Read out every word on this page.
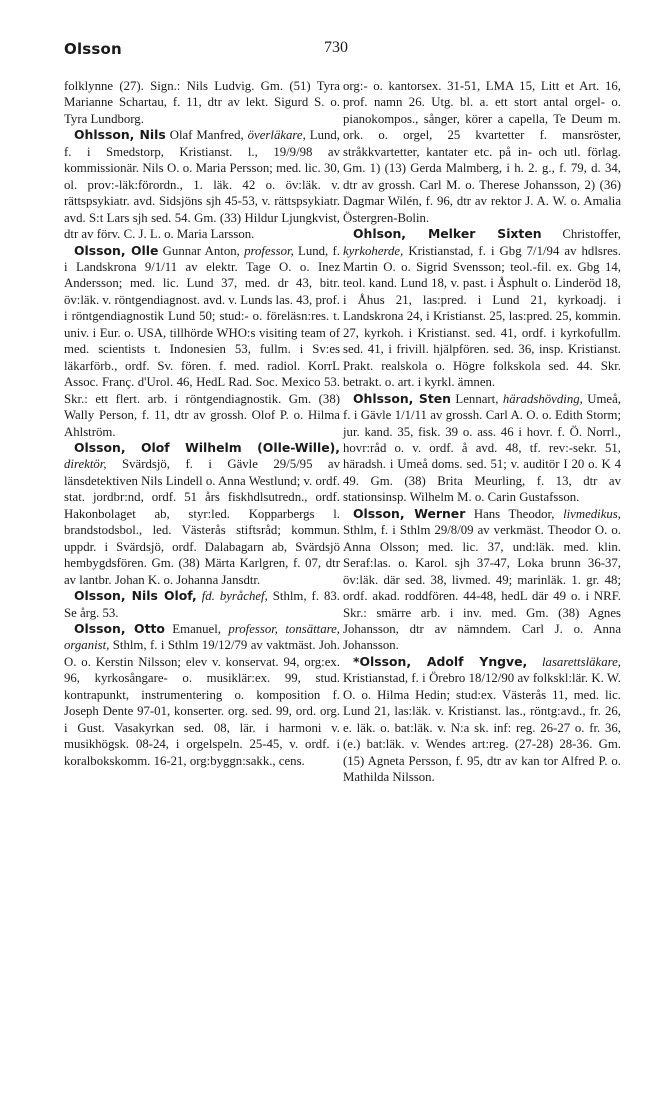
Olsson	730

folklynne (27). Sign.: Nils Ludvig. Gm. (51) Tyra Marianne Schartau, f. 11, dtr av lekt. Sigurd S. o. Tyra Lundborg.

Ohlsson, Nils Olaf Manfred, överläkare, Lund, f. i Smedstorp, Kristianst. l., 19/9/98 av kommissionär. Nils O. o. Maria Persson; med. lic. 30, ol. prov:-läk:förordn., 1. läk. 42 o. öv:läk. v. rättspsykiatr. avd. Sidsjöns sjh 45-53, v. rättspsykiatr. avd. S:t Lars sjh sed. 54. Gm. (33) Hildur Ljungkvist, dtr av förv. C. J. L. o. Maria Larsson.

Olsson, Olle Gunnar Anton, professor, Lund, f. i Landskrona 9/1/11 av elektr. Tage O. o. Inez Andersson; med. lic. Lund 37, med. dr 43, bitr. öv:läk. v. röntgendiagnost. avd. v. Lunds las. 43, prof. i röntgendiagnostik Lund 50; stud:- o. föreläsn:res. t. univ. i Eur. o. USA, tillhörde WHO:s visiting team of med. scientists t. Indonesien 53, fullm. i Sv:es läkarförb., ordf. Sv. fören. f. med. radiol. KorrL Assoc. Franç. d'Urol. 46, HedL Rad. Soc. Mexico 53. Skr.: ett flert. arb. i röntgendiagnostik. Gm. (38) Wally Person, f. 11, dtr av grossh. Olof P. o. Hilma Ahlström.

Olsson, Olof Wilhelm (Olle-Wille), direktör, Svärdsjö, f. i Gävle 29/5/95 av länsdetektiven Nils Lindell o. Anna Westlund; v. ordf. stat. jordbr:nd, ordf. 51 års fiskhdlsutredn., ordf. Hakonbolaget ab, styr:led. Kopparbergs l. brandstodsbol., led. Västerås stiftsråd; kommun. uppdr. i Svärdsjö, ordf. Dalabagarn ab, Svärdsjö hembygdsfören. Gm. (38) Märta Karlgren, f. 07, dtr av lantbr. Johan K. o. Johanna Jansdtr.

Olsson, Nils Olof, fd. byråchef, Sthlm, f. 83. Se årg. 53.

Olsson, Otto Emanuel, professor, tonsättare, organist, Sthlm, f. i Sthlm 19/12/79 av vaktmäst. Joh. O. o. Kerstin Nilsson; elev v. konservat. 94, org:ex. 96, kyrkosångare- o. musiklär:ex. 99, stud. kontrapunkt, instrumentering o. komposition f. Joseph Dente 97-01, konserter. org. sed. 99, ord. org. i Gust. Vasakyrkan sed. 08, lär. i harmoni v. musikhögsk. 08-24, i orgelspeln. 25-45, v. ordf. i koralbokskomm. 16-21, org:byggn:sakk., cens.

org:- o. kantorsex. 31-51, LMA 15, Litt et Art. 16, prof. namn 26. Utg. bl. a. ett stort antal orgel- o. pianokompos., sånger, körer a capella, Te Deum m. ork. o. orgel, 25 kvartetter f. mansröster, stråkkvartetter, kantater etc. på in- och utl. förlag. Gm. 1) (13) Gerda Malmberg, i h. 2. g., f. 79, d. 34, dtr av grossh. Carl M. o. Therese Johansson, 2) (36) Dagmar Wilén, f. 96, dtr av rektor J. A. W. o. Amalia Östergren-Bolin.

Ohlson, Melker Sixten Christoffer, kyrkoherde, Kristianstad, f. i Gbg 7/1/94 av hdlsres. Martin O. o. Sigrid Svensson; teol.-fil. ex. Gbg 14, teol. kand. Lund 18, v. past. i Åsphult o. Linderöd 18, i Åhus 21, las:pred. i Lund 21, kyrkoadj. i Landskrona 24, i Kristianst. 25, las:pred. 25, kommin. 27, kyrkoh. i Kristianst. sed. 41, ordf. i kyrkofullm. sed. 41, i frivill. hjälpfören. sed. 36, insp. Kristianst. Prakt. realskola o. Högre folkskola sed. 44. Skr. betrakt. o. art. i kyrkl. ämnen.

Ohlsson, Sten Lennart, häradshövding, Umeå, f. i Gävle 1/1/11 av grossh. Carl A. O. o. Edith Storm; jur. kand. 35, fisk. 39 o. ass. 46 i hovr. f. Ö. Norrl., hovr:råd o. v. ordf. å avd. 48, tf. rev:-sekr. 51, häradsh. i Umeå doms. sed. 51; v. auditör I 20 o. K 4 49. Gm. (38) Brita Meurling, f. 13, dtr av stationsinsp. Wilhelm M. o. Carin Gustafsson.

Olsson, Werner Hans Theodor, livmedikus, Sthlm, f. i Sthlm 29/8/09 av verkmäst. Theodor O. o. Anna Olsson; med. lic. 37, und:läk. med. klin. Seraf:las. o. Karol. sjh 37-47, Loka brunn 36-37, öv:läk. där sed. 38, livmed. 49; marinläk. 1. gr. 48; ordf. akad. roddfören. 44-48, hedL där 49 o. i NRF. Skr.: smärre arb. i inv. med. Gm. (38) Agnes Johansson, dtr av nämndem. Carl J. o. Anna Johansson.

*Olsson, Adolf Yngve, lasarettsläkare, Kristianstad, f. i Örebro 18/12/90 av folkskl:lär. K. W. O. o. Hilma Hedin; stud:ex. Västerås 11, med. lic. Lund 21, las:läk. v. Kristianst. las., röntg:avd., fr. 26, e. läk. o. bat:läk. v. N:a sk. inf: reg. 26-27 o. fr. 36, (e.) bat:läk. v. Wendes art:reg. (27-28) 28-36. Gm. (15) Agneta Persson, f. 95, dtr av kan tor Alfred P. o. Mathilda Nilsson.
